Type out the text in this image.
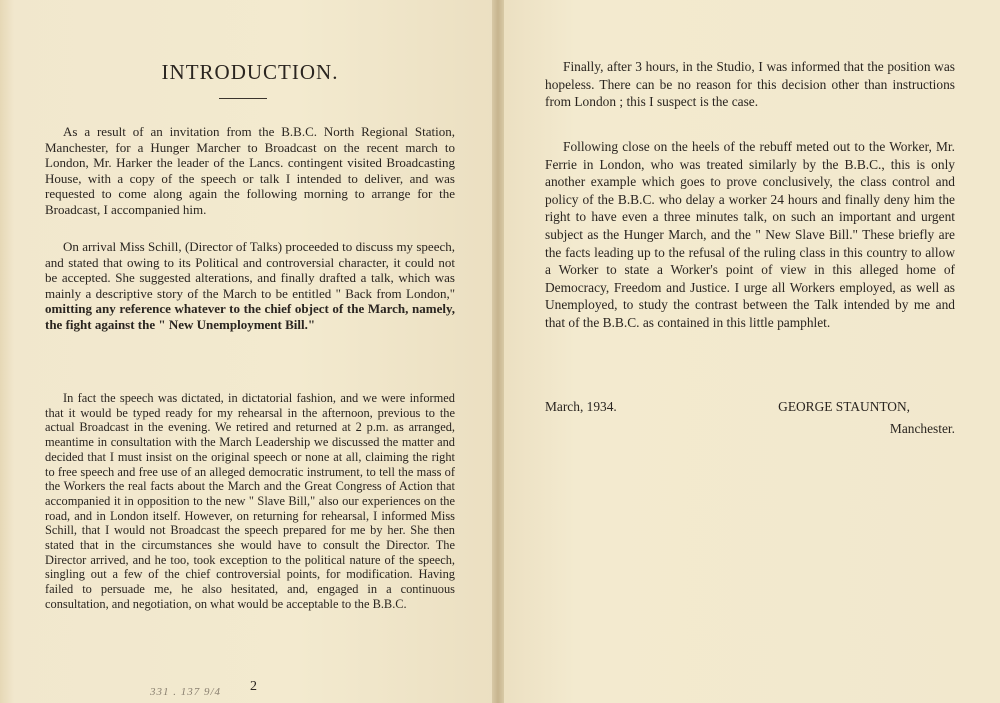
INTRODUCTION.

As a result of an invitation from the B.B.C. North Regional Station, Manchester, for a Hunger Marcher to Broadcast on the recent march to London, Mr. Harker the leader of the Lancs. contingent visited Broadcasting House, with a copy of the speech or talk I intended to deliver, and was requested to come along again the following morning to arrange for the Broadcast, I accompanied him.

On arrival Miss Schill, (Director of Talks) proceeded to discuss my speech, and stated that owing to its Political and controversial character, it could not be accepted. She suggested alterations, and finally drafted a talk, which was mainly a descriptive story of the March to be entitled " Back from London," omitting any reference whatever to the chief object of the March, namely, the fight against the " New Unemployment Bill."

In fact the speech was dictated, in dictatorial fashion, and we were informed that it would be typed ready for my rehearsal in the afternoon, previous to the actual Broadcast in the evening. We retired and returned at 2 p.m. as arranged, meantime in consultation with the March Leadership we discussed the matter and decided that I must insist on the original speech or none at all, claiming the right to free speech and free use of an alleged democratic instrument, to tell the mass of the Workers the real facts about the March and the Great Congress of Action that accompanied it in opposition to the new " Slave Bill," also our experiences on the road, and in London itself. However, on returning for rehearsal, I informed Miss Schill, that I would not Broadcast the speech prepared for me by her. She then stated that in the circumstances she would have to consult the Director. The Director arrived, and he too, took exception to the political nature of the speech, singling out a few of the chief controversial points, for modification. Having failed to persuade me, he also hesitated, and, engaged in a continuous consultation, and negotiation, on what would be acceptable to the B.B.C.

331 . 137 9/4 2

Finally, after 3 hours, in the Studio, I was informed that the position was hopeless. There can be no reason for this decision other than instructions from London ; this I suspect is the case.

Following close on the heels of the rebuff meted out to the Worker, Mr. Ferrie in London, who was treated similarly by the B.B.C., this is only another example which goes to prove conclusively, the class control and policy of the B.B.C. who delay a worker 24 hours and finally deny him the right to have even a three minutes talk, on such an important and urgent subject as the Hunger March, and the " New Slave Bill." These briefly are the facts leading up to the refusal of the ruling class in this country to allow a Worker to state a Worker's point of view in this alleged home of Democracy, Freedom and Justice. I urge all Workers employed, as well as Unemployed, to study the contrast between the Talk intended by me and that of the B.B.C. as contained in this little pamphlet.

March, 1934.	GEORGE STAUNTON,
Manchester.
